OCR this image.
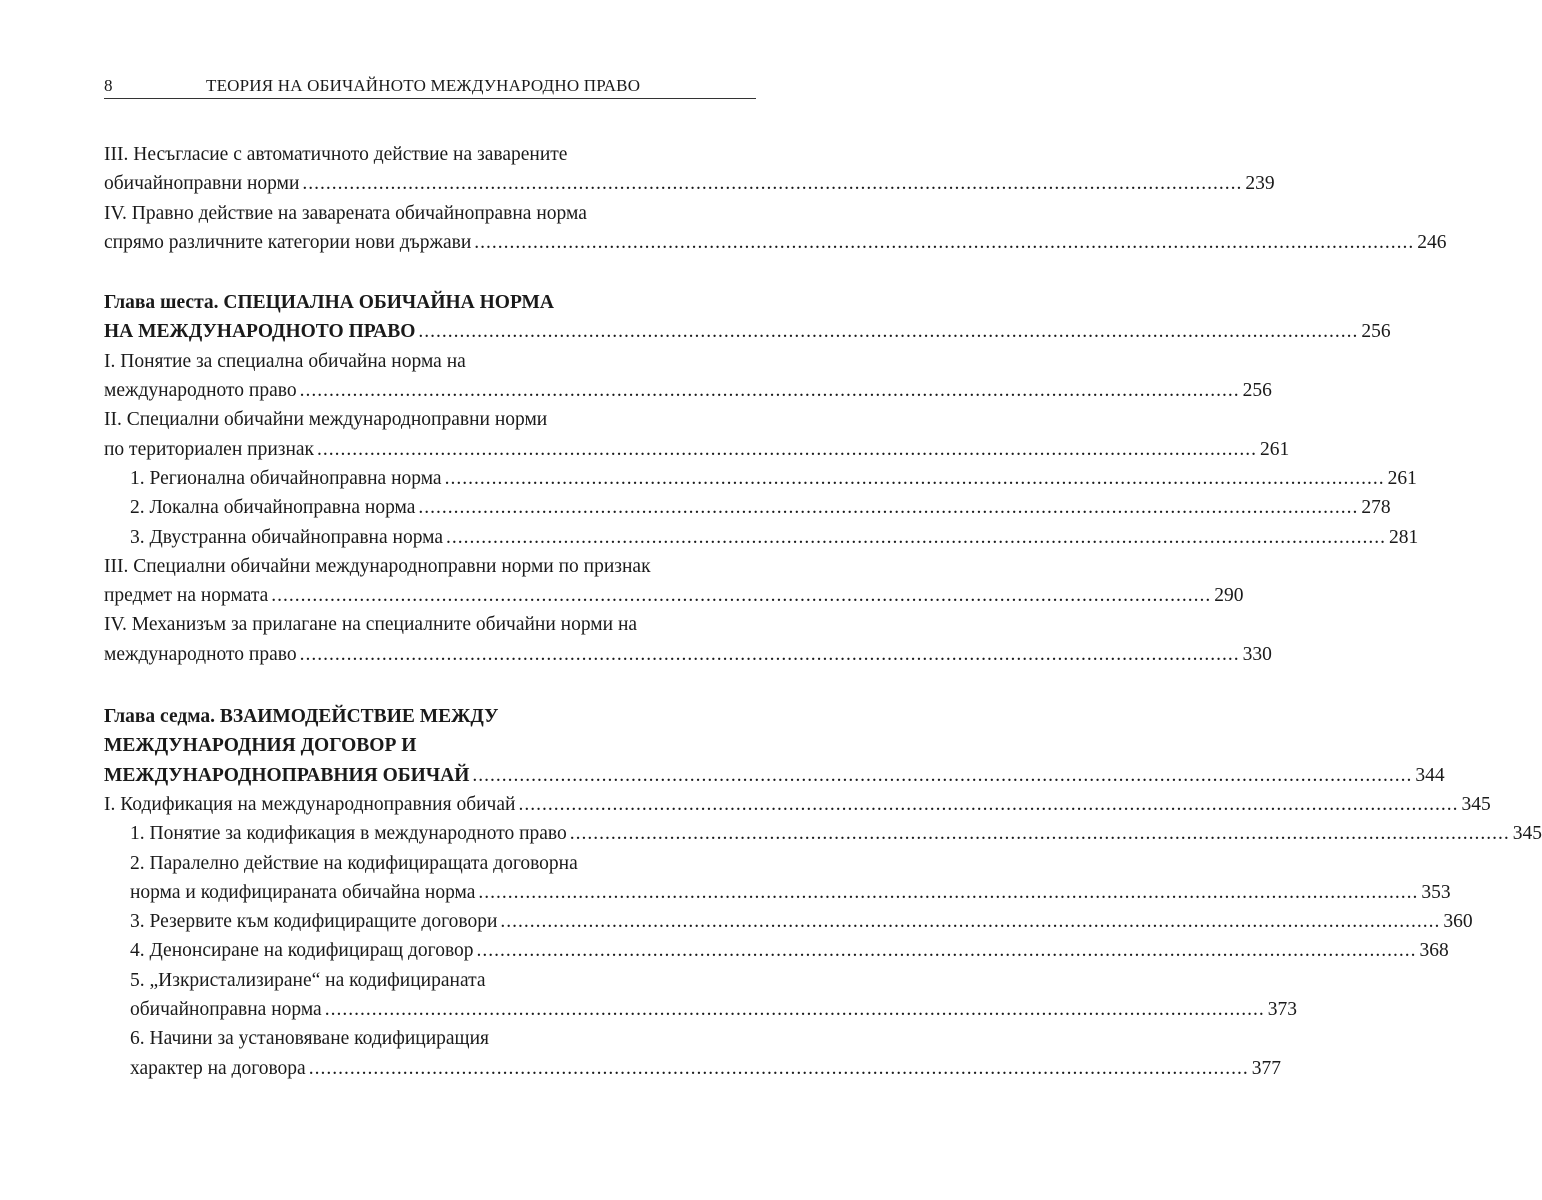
8	ТЕОРИЯ НА ОБИЧАЙНОТО МЕЖДУНАРОДНО ПРАВО
III. Несъгласие с автоматичното действие на заварените
обичайноправни норми ................................................................................................................................................................ 239
IV. Правно действие на заварената обичайноправна норма
спрямо различните категории нови държави ................................................................................................................................................................ 246
Глава шеста. СПЕЦИАЛНА ОБИЧАЙНА НОРМА
НА МЕЖДУНАРОДНОТО ПРАВО ................................................................................................................................................................ 256
I. Понятие за специална обичайна норма на
международното право ................................................................................................................................................................ 256
II. Специални обичайни международноправни норми
по териториален признак ................................................................................................................................................................ 261
1. Регионална обичайноправна норма ................................................................................................................................................................ 261
2. Локална обичайноправна норма ................................................................................................................................................................ 278
3. Двустранна обичайноправна норма ................................................................................................................................................................ 281
III. Специални обичайни международноправни норми по признак
предмет на нормата ................................................................................................................................................................ 290
IV. Механизъм за прилагане на специалните обичайни норми на
международното право ................................................................................................................................................................ 330
Глава седма. ВЗАИМОДЕЙСТВИЕ МЕЖДУ
МЕЖДУНАРОДНИЯ ДОГОВОР И
МЕЖДУНАРОДНОПРАВНИЯ ОБИЧАЙ ................................................................................................................................................................ 344
I. Кодификация на международноправния обичай ................................................................................................................................................................ 345
1. Понятие за кодификация в международното право ................................................................................................................................................................ 345
2. Паралелно действие на кодифициращата договорна
норма и кодифицираната обичайна норма ................................................................................................................................................................ 353
3. Резервите към кодифициращите договори ................................................................................................................................................................ 360
4. Денонсиране на кодифициращ договор ................................................................................................................................................................ 368
5. „Изкристализиране“ на кодифицираната
обичайноправна норма ................................................................................................................................................................ 373
6. Начини за установяване кодифициращия
характер на договора ................................................................................................................................................................ 377
